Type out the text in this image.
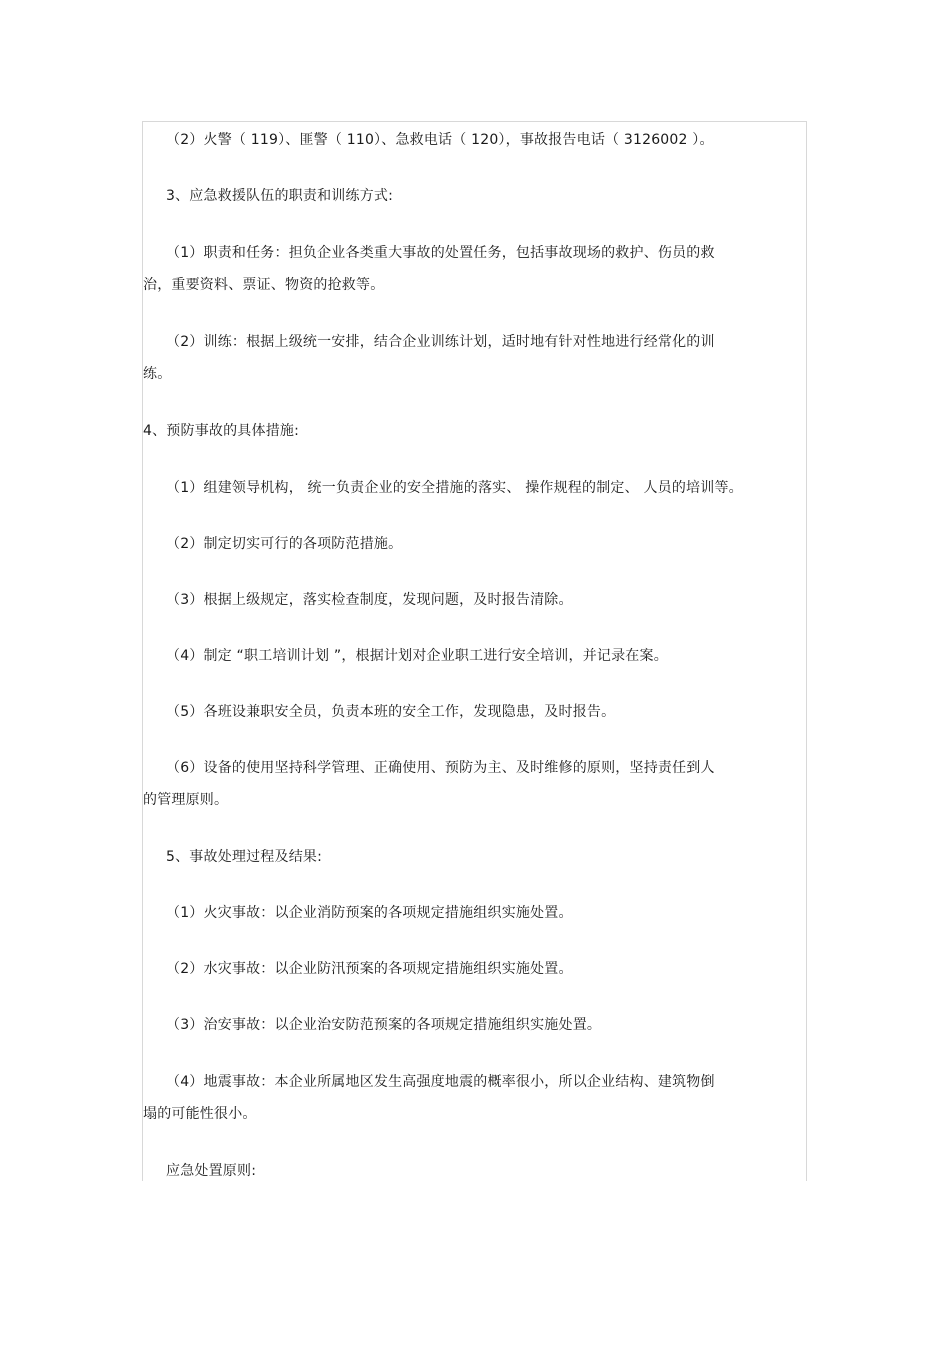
（2）火警（ 119）、匪警（ 110）、急救电话（ 120），事故报告电话（ 3126002 ）。
3、应急救援队伍的职责和训练方式:
（1）职责和任务：担负企业各类重大事故的处置任务，包括事故现场的救护、伤员的救
治，重要资料、票证、物资的抢救等。
（2）训练：根据上级统一安排，结合企业训练计划，适时地有针对性地进行经常化的训
练。
4、预防事故的具体措施:
（1）组建领导机构， 统一负责企业的安全措施的落实、 操作规程的制定、 人员的培训等。
（2）制定切实可行的各项防范措施。
（3）根据上级规定，落实检查制度，发现问题，及时报告清除。
（4）制定 “职工培训计划 ”，根据计划对企业职工进行安全培训，并记录在案。
（5）各班设兼职安全员，负责本班的安全工作，发现隐患，及时报告。
（6）设备的使用坚持科学管理、正确使用、预防为主、及时维修的原则，坚持责任到人
的管理原则。
5、事故处理过程及结果:
（1）火灾事故：以企业消防预案的各项规定措施组织实施处置。
（2）水灾事故：以企业防汛预案的各项规定措施组织实施处置。
（3）治安事故：以企业治安防范预案的各项规定措施组织实施处置。
（4）地震事故：本企业所属地区发生高强度地震的概率很小，所以企业结构、建筑物倒
塌的可能性很小。
应急处置原则:
